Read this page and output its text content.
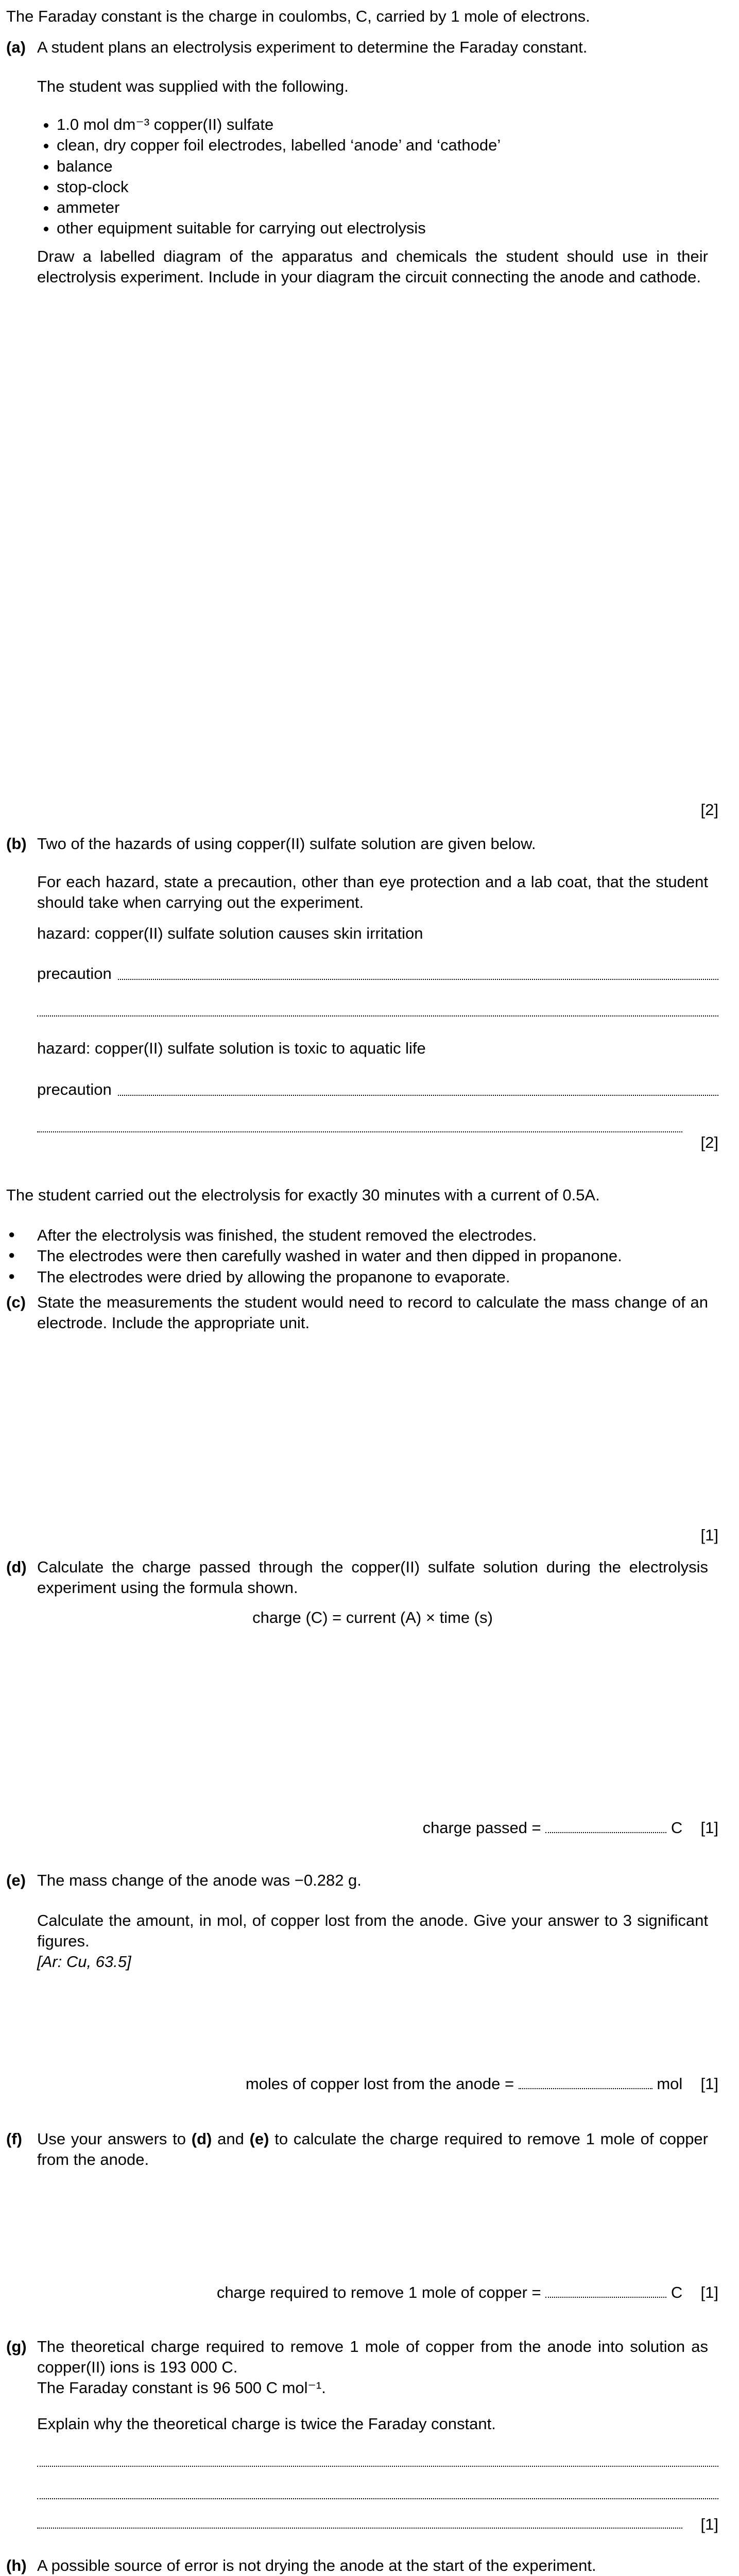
The Faraday constant is the charge in coulombs, C, carried by 1 mole of electrons.

(a) A student plans an electrolysis experiment to determine the Faraday constant.

The student was supplied with the following.

• 1.0 mol dm⁻³ copper(II) sulfate
• clean, dry copper foil electrodes, labelled ‘anode’ and ‘cathode’
• balance
• stop-clock
• ammeter
• other equipment suitable for carrying out electrolysis

Draw a labelled diagram of the apparatus and chemicals the student should use in their electrolysis experiment. Include in your diagram the circuit connecting the anode and cathode.

[2]
(b) Two of the hazards of using copper(II) sulfate solution are given below.

For each hazard, state a precaution, other than eye protection and a lab coat, that the student should take when carrying out the experiment.

hazard: copper(II) sulfate solution causes skin irritation

precaution

hazard: copper(II) sulfate solution is toxic to aquatic life

precaution
[2]

The student carried out the electrolysis for exactly 30 minutes with a current of 0.5A.

● After the electrolysis was finished, the student removed the electrodes.
● The electrodes were then carefully washed in water and then dipped in propanone.
● The electrodes were dried by allowing the propanone to evaporate.
(c) State the measurements the student would need to record to calculate the mass change of an electrode. Include the appropriate unit.

[1]
(d) Calculate the charge passed through the copper(II) sulfate solution during the electrolysis experiment using the formula shown.

charge (C) = current (A) × time (s)
charge passed =	C [1]
(e) The mass change of the anode was −0.282 g.

Calculate the amount, in mol, of copper lost from the anode. Give your answer to 3 significant figures.

[Ar: Cu, 63.5]

moles of copper lost from the anode =	mol [1]
(f) Use your answers to (d) and (e) to calculate the charge required to remove 1 mole of copper from the anode.

charge required to remove 1 mole of copper =	C [1]
(g) The theoretical charge required to remove 1 mole of copper from the anode into solution as copper(II) ions is 193 000 C.

The Faraday constant is 96 500 C mol⁻¹.

Explain why the theoretical charge is twice the Faraday constant.

[1]
(h) A possible source of error is not drying the anode at the start of the experiment.
